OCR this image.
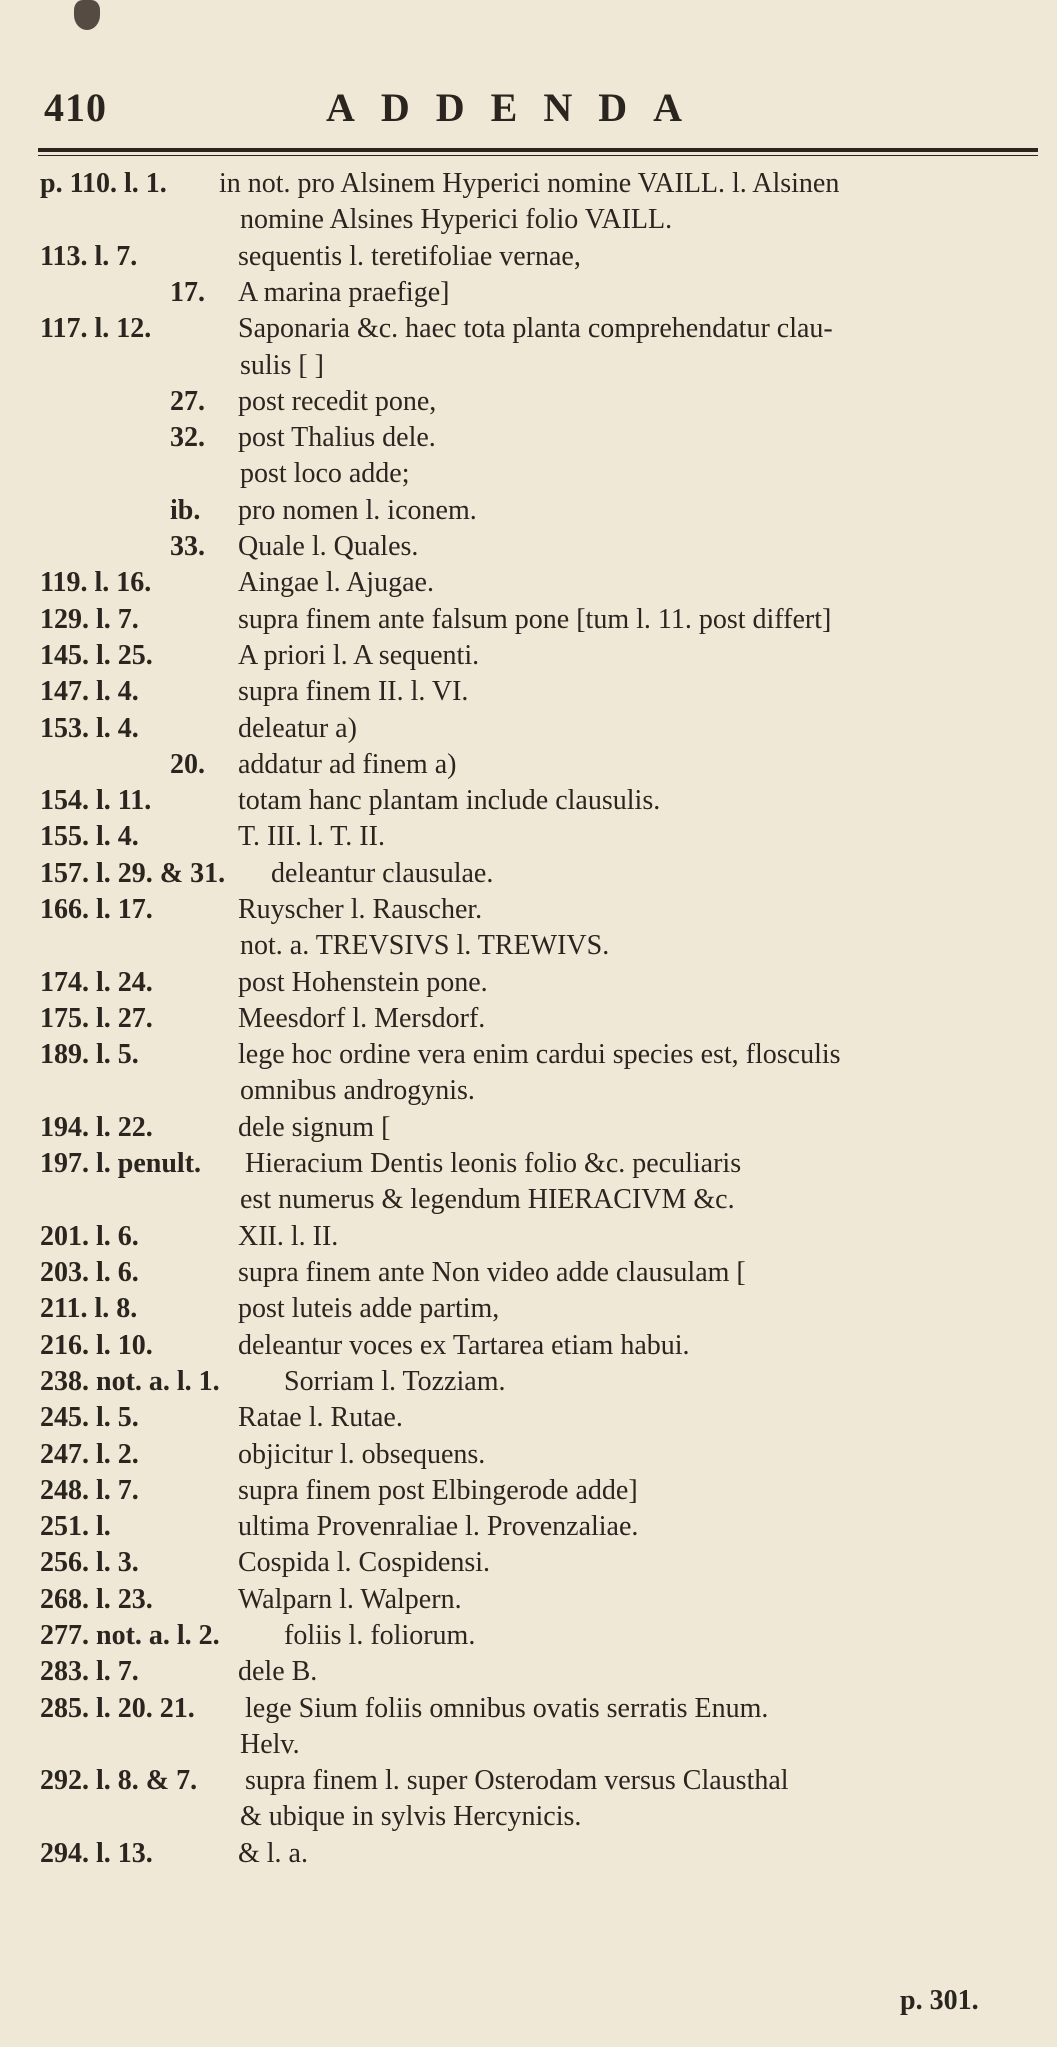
410	ADDENDA
p. 110. l. 1. in not. pro Alsinem Hyperici nomine VAILL. l. Alsinen
nomine Alsines Hyperici folio VAILL.
113. l. 7.	sequentis l. teretifoliae vernae,
17. A marina praefige]
117. l. 12.	Saponaria &c. haec tota planta comprehendatur clau-
sulis [ ]
27. post recedit pone,
32. post Thalius dele.
post loco adde;
ib. pro nomen l. iconem.
33. Quale l. Quales.
119. l. 16.	Aingae l. Ajugae.
129. l. 7.	supra finem ante falsum pone [tum l. 11. post differt]
145. l. 25.	A priori l. A sequenti.
147. l. 4.	supra finem II. l. VI.
153. l. 4.	deleatur a)
20. addatur ad finem a)
154. l. 11.	totam hanc plantam include clausulis.
155. l. 4.	T. III. l. T. II.
157. l. 29. & 31. deleantur clausulae.
166. l. 17.	Ruyscher l. Rauscher.
not. a. TREVSIVS l. TREWIVS.
174. l. 24.	post Hohenstein pone.
175. l. 27.	Meesdorf l. Mersdorf.
189. l. 5.	lege hoc ordine vera enim cardui species est, flosculis
omnibus androgynis.
194. l. 22.	dele signum [
197. l. penult. Hieracium Dentis leonis folio &c. peculiaris
est numerus & legendum HIERACIVM &c.
201. l. 6.	XII. l. II.
203. l. 6.	supra finem ante Non video adde clausulam [
211. l. 8.	post luteis adde partim,
216. l. 10.	deleantur voces ex Tartarea etiam habui.
238. not. a. l. 1. Sorriam l. Tozziam.
245. l. 5.	Ratae l. Rutae.
247. l. 2.	objicitur l. obsequens.
248. l. 7.	supra finem post Elbingerode adde]
251. l.	ultima Provenraliae l. Provenzaliae.
256. l. 3.	Cospida l. Cospidensi.
268. l. 23.	Walparn l. Walpern.
277. not. a. l. 2. foliis l. foliorum.
283. l. 7.	dele B.
285. l. 20. 21. lege Sium foliis omnibus ovatis serratis Enum.
Helv.
292. l. 8. & 7. supra finem l. super Osterodam versus Clausthal
& ubique in sylvis Hercynicis.
294. l. 13.	& l. a.
p. 301.
